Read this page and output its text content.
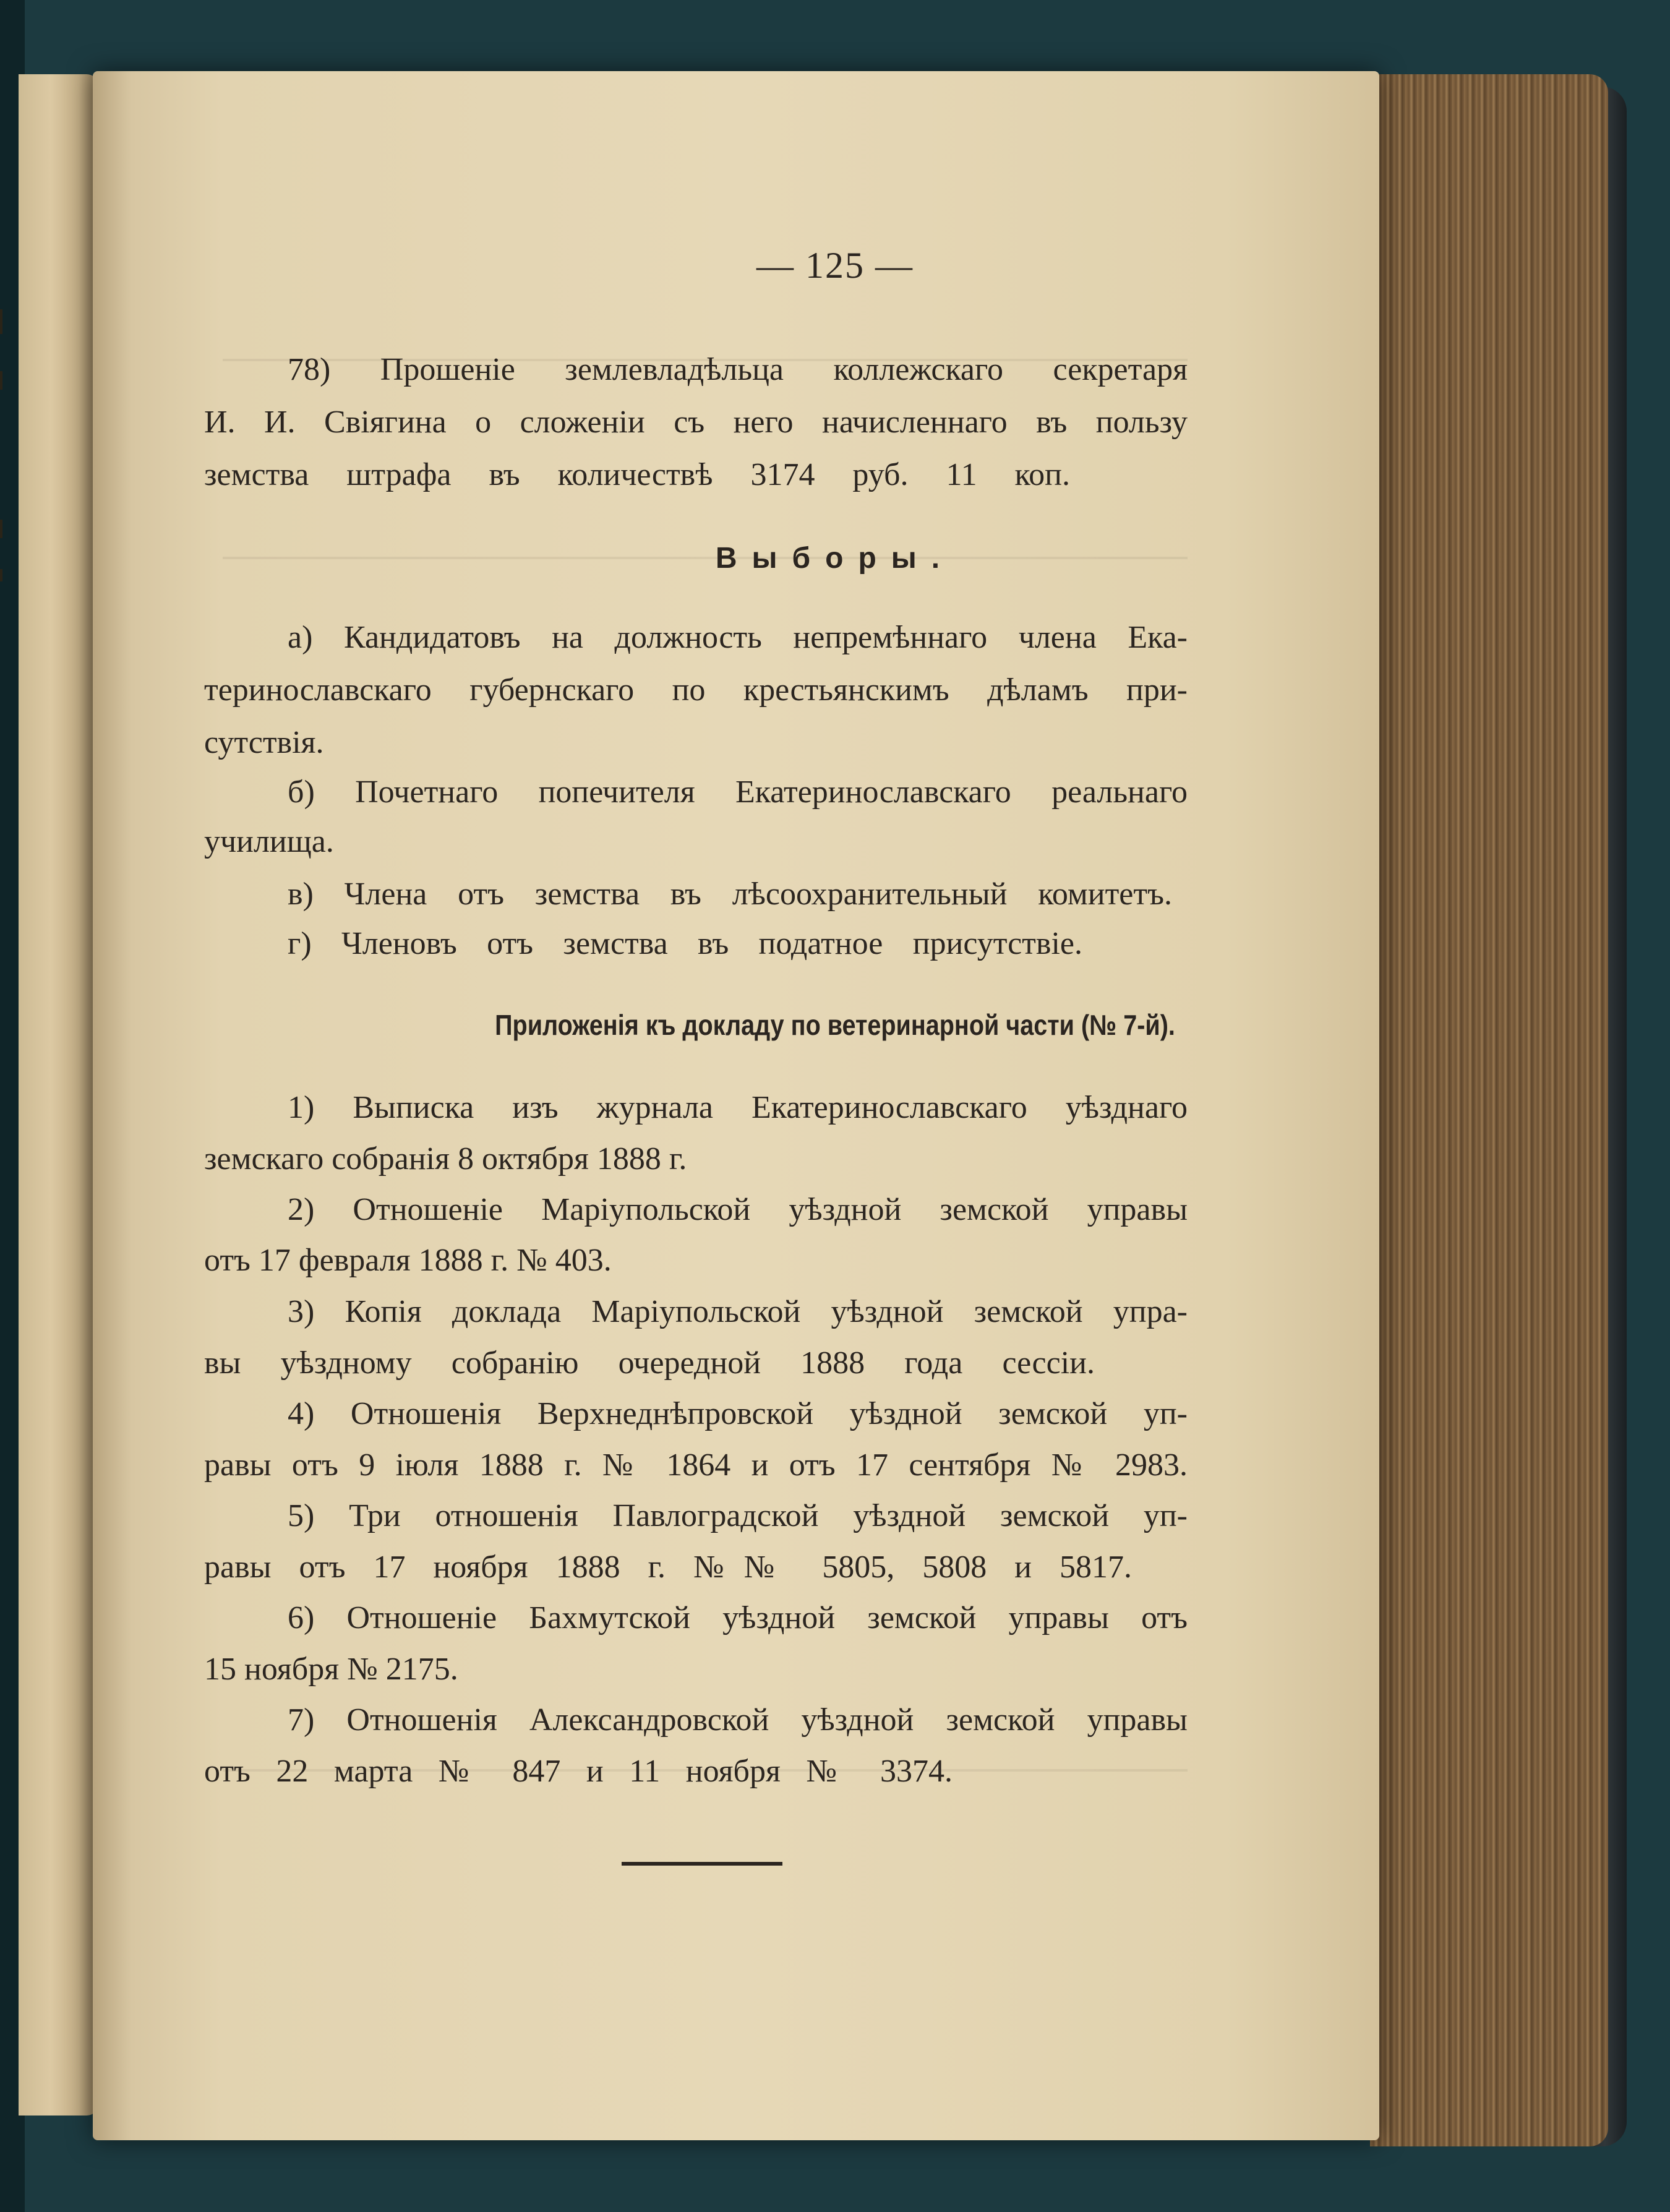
— 125 —
78) Прошеніе землевладѣльца коллежскаго секретаря
И. И. Свіягина о сложеніи съ него начисленнаго въ пользу
земства штрафа въ количествѣ 3174 руб. 11 коп.
Выборы.
а) Кандидатовъ на должность непремѣннаго члена Ека-
теринославскаго губернскаго по крестьянскимъ дѣламъ при-
сутствія.
б) Почетнаго попечителя Екатеринославскаго реальнаго
училища.
в) Члена отъ земства въ лѣсоохранительный комитетъ.
г) Членовъ отъ земства въ податное присутствіе.
Приложенія къ докладу по ветеринарной части (№ 7-й).
1) Выписка изъ журнала Екатеринославскаго уѣзднаго
земскаго собранія 8 октября 1888 г.
2) Отношеніе Маріупольской уѣздной земской управы
отъ 17 февраля 1888 г. № 403.
3) Копія доклада Маріупольской уѣздной земской упра-
вы уѣздному собранію очередной 1888 года сессіи.
4) Отношенія Верхнеднѣпровской уѣздной земской уп-
равы отъ 9 іюля 1888 г. № 1864 и отъ 17 сентября № 2983.
5) Три отношенія Павлоградской уѣздной земской уп-
равы отъ 17 ноября 1888 г. №№ 5805, 5808 и 5817.
6) Отношеніе Бахмутской уѣздной земской управы отъ
15 ноября № 2175.
7) Отношенія Александровской уѣздной земской управы
отъ 22 марта № 847 и 11 ноября № 3374.
